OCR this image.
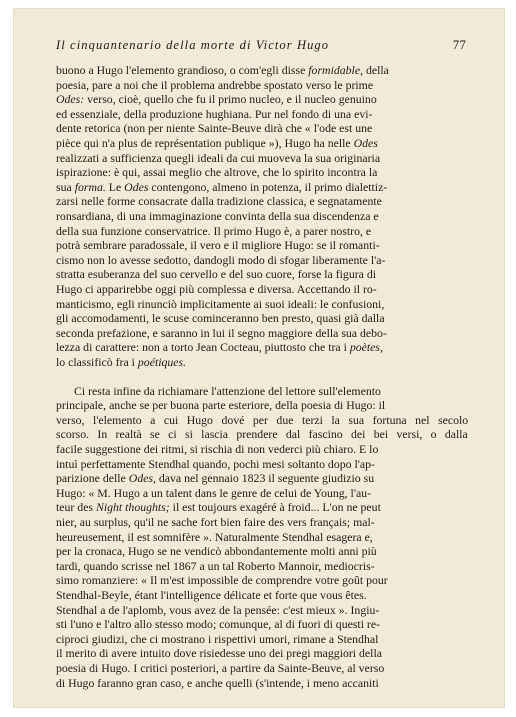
Il cinquantenario della morte di Victor Hugo	77
buono a Hugo l'elemento grandioso, o com'egli disse formidable, della
poesia, pare a noi che il problema andrebbe spostato verso le prime
Odes: verso, cioè, quello che fu il primo nucleo, e il nucleo genuino
ed essenziale, della produzione hughiana. Pur nel fondo di una evi-
dente retorica (non per niente Sainte-Beuve dirà che « l'ode est une
pièce qui n'a plus de représentation publique »), Hugo ha nelle Odes
realizzati a sufficienza quegli ideali da cui muoveva la sua originaria
ispirazione: è qui, assai meglio che altrove, che lo spirito incontra la
sua forma. Le Odes contengono, almeno in potenza, il primo dialettiz-
zarsi nelle forme consacrate dalla tradizione classica, e segnatamente
ronsardiana, di una immaginazione convinta della sua discendenza e
della sua funzione conservatrice. Il primo Hugo è, a parer nostro, e
potrà sembrare paradossale, il vero e il migliore Hugo: se il romanti-
cismo non lo avesse sedotto, dandogli modo di sfogar liberamente l'a-
stratta esuberanza del suo cervello e del suo cuore, forse la figura di
Hugo ci apparirebbe oggi più complessa e diversa. Accettando il ro-
manticismo, egli rinunciò implicitamente ai suoi ideali: le confusioni,
gli accomodamenti, le scuse cominceranno ben presto, quasi già dalla
seconda prefazione, e saranno in lui il segno maggiore della sua debo-
lezza di carattere: non a torto Jean Cocteau, piuttosto che tra i poètes,
lo classificò fra i poétiques.
Ci resta infine da richiamare l'attenzione del lettore sull'elemento
principale, anche se per buona parte esteriore, della poesia di Hugo: il
verso, l'elemento a cui Hugo dové per due terzi la sua fortuna nel secolo
scorso. In realtà se ci si lascia prendere dal fascino dei bei versi, o dalla
facile suggestione dei ritmi, si rischia di non vederci più chiaro. E lo
intuì perfettamente Stendhal quando, pochi mesi soltanto dopo l'ap-
parizione delle Odes, dava nel gennaio 1823 il seguente giudizio su
Hugo: « M. Hugo a un talent dans le genre de celui de Young, l'au-
teur des Night thoughts; il est toujours exagéré à froid... L'on ne peut
nier, au surplus, qu'il ne sache fort bien faire des vers français; mal-
heureusement, il est somnifère ». Naturalmente Stendhal esagera e,
per la cronaca, Hugo se ne vendicò abbondantemente molti anni più
tardi, quando scrisse nel 1867 a un tal Roberto Mannoir, mediocris-
simo romanziere: « Il m'est impossible de comprendre votre goût pour
Stendhal-Beyle, étant l'intelligence délicate et forte que vous êtes.
Stendhal a de l'aplomb, vous avez de la pensée: c'est mieux ». Ingiu-
sti l'uno e l'altro allo stesso modo; comunque, al di fuori di questi re-
ciproci giudizi, che ci mostrano i rispettivi umori, rimane a Stendhal
il merito di avere intuito dove risiedesse uno dei pregi maggiori della
poesia di Hugo. I critici posteriori, a partire da Sainte-Beuve, al verso
di Hugo faranno gran caso, e anche quelli (s'intende, i meno accaniti
